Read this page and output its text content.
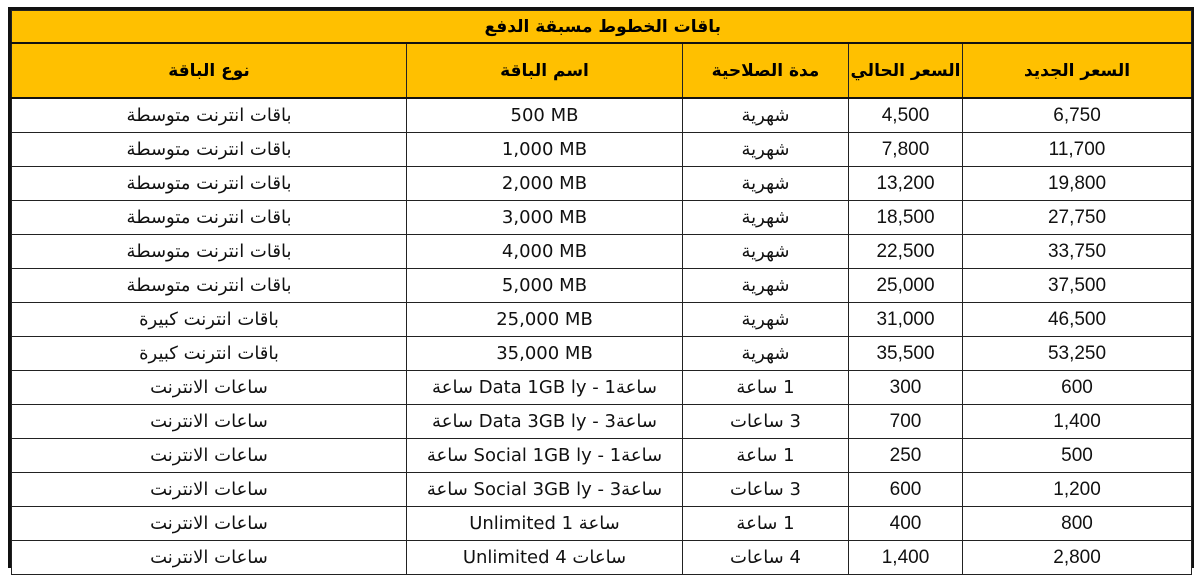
باقات الخطوط مسبقة الدفع				
نوع الباقة	اسم الباقة	مدة الصلاحية	السعر الحالي	السعر الجديد
باقات انترنت متوسطة	500 MB	شهرية	4,500	6,750
باقات انترنت متوسطة	1,000 MB	شهرية	7,800	11,700
باقات انترنت متوسطة	2,000 MB	شهرية	13,200	19,800
باقات انترنت متوسطة	3,000 MB	شهرية	18,500	27,750
باقات انترنت متوسطة	4,000 MB	شهرية	22,500	33,750
باقات انترنت متوسطة	5,000 MB	شهرية	25,000	37,500
باقات انترنت كبيرة	25,000 MB	شهرية	31,000	46,500
باقات انترنت كبيرة	35,000 MB	شهرية	35,500	53,250
ساعات الانترنت	ساعة1 - Data 1GB ly ساعة	1 ساعة	300	600
ساعات الانترنت	ساعة3 - Data 3GB ly ساعة	3 ساعات	700	1,400
ساعات الانترنت	ساعة1 - Social 1GB ly ساعة	1 ساعة	250	500
ساعات الانترنت	ساعة3 - Social 3GB ly ساعة	3 ساعات	600	1,200
ساعات الانترنت	Unlimited 1 ساعة	1 ساعة	400	800
ساعات الانترنت	Unlimited 4 ساعات	4 ساعات	1,400	2,800
